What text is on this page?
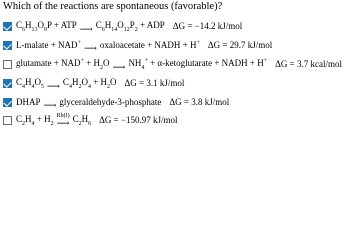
Which of the reactions are spontaneous (favorable)?
$C_6H_{13}O_9P$ + ATP
⟶ $C_6H_{14}O_{12}P_2$ + ADP ΔG = −14.2 kJ/mol
L-malate + NAD+
⟶ oxaloacetate + NADH + H+ ΔG = 29.7 kJ/mol
glutamate + $NAD^+ + H_2O$
⟶ $NH_4^+$ + α-ketoglutarate + NADH + H+ ΔG = 3.7 kcal/mol
$C_4H_4O_5$
⟶ $C_4H_2O_4 + H_2O$ ΔG = 3.1 kJ/mol
DHAP
⟶ glyceraldehyde-3-phosphate ΔG = 3.8 kJ/mol
$C_2H_4 + H_2$
Rh(I)
⟶ $C_2H_6$ ΔG = −150.97 kJ/mol
